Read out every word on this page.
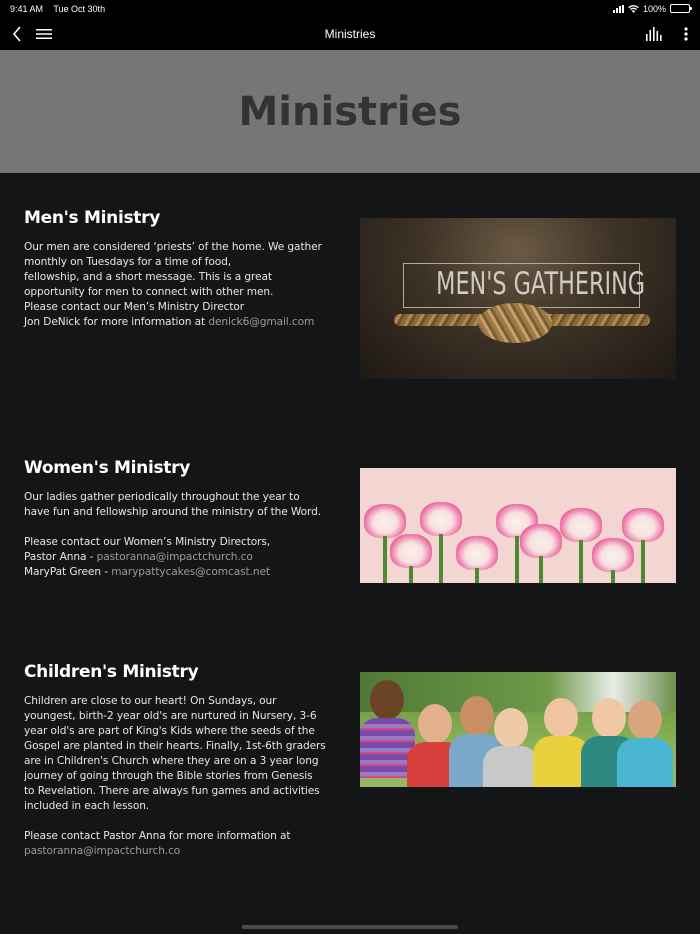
9:41 AM Tue Oct 30th	100%
Ministries
Ministries
Men's Ministry

Our men are considered ‘priests’ of the home. We gather
monthly on Tuesdays for a time of food,
fellowship, and a short message. This is a great
opportunity for men to connect with other men.
Please contact our Men’s Ministry Director
Jon DeNick for more information at denick6@gmail.com

MEN'S GATHERING
Women's Ministry

Our ladies gather periodically throughout the year to
have fun and fellowship around the ministry of the Word.

Please contact our Women’s Ministry Directors,
Pastor Anna - pastoranna@impactchurch.co
MaryPat Green - marypattycakes@comcast.net

Children's Ministry

Children are close to our heart! On Sundays, our
youngest, birth-2 year old's are nurtured in Nursery, 3-6
year old's are part of King's Kids where the seeds of the
Gospel are planted in their hearts. Finally, 1st-6th graders
are in Children's Church where they are on a 3 year long
journey of going through the Bible stories from Genesis
to Revelation. There are always fun games and activities
included in each lesson.

Please contact Pastor Anna for more information at
pastoranna@impactchurch.co
